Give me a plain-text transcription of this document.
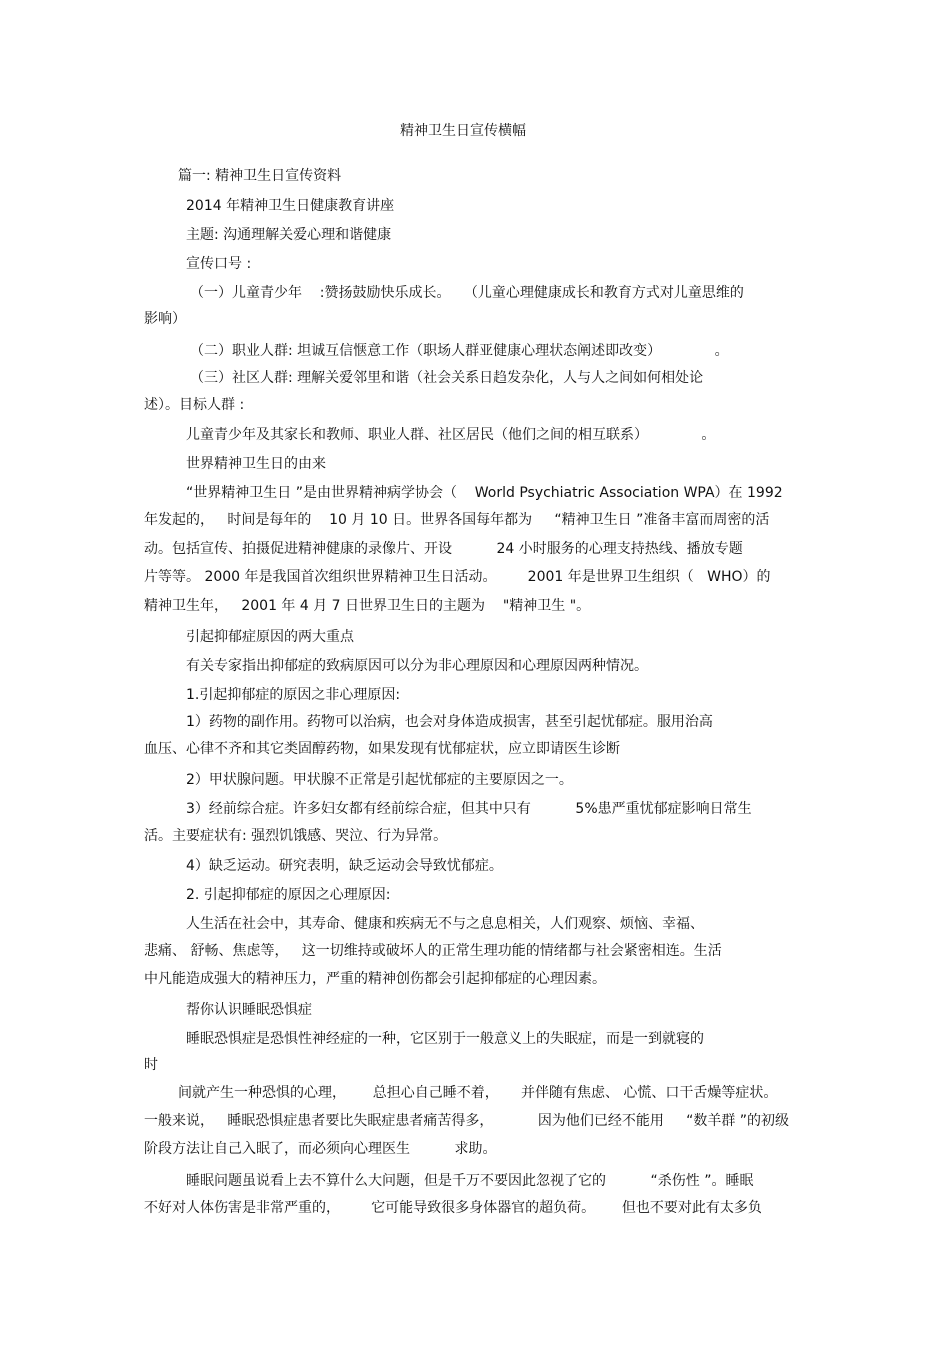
精神卫生日宣传横幅
篇一: 精神卫生日宣传资料
2014 年精神卫生日健康教育讲座
主题: 沟通理解关爱心理和谐健康
宣传口号 :
（一）儿童青少年    :赞扬鼓励快乐成长。   （儿童心理健康成长和教育方式对儿童思维的
影响）
（二）职业人群: 坦诚互信惬意工作（职场人群亚健康心理状态阐述即改变）            。
（三）社区人群: 理解关爱邻里和谐（社会关系日趋发杂化，人与人之间如何相处论
述）。目标人群 :
儿童青少年及其家长和教师、职业人群、社区居民（他们之间的相互联系）            。
世界精神卫生日的由来
“世界精神卫生日 ”是由世界精神病学协会（    World Psychiatric Association WPA）在 1992
年发起的，   时间是每年的    10 月 10 日。世界各国每年都为     “精神卫生日 ”准备丰富而周密的活
动。包括宣传、拍摄促进精神健康的录像片、开设          24 小时服务的心理支持热线、播放专题
片等等。 2000 年是我国首次组织世界精神卫生日活动。       2001 年是世界卫生组织（   WHO）的
精神卫生年，   2001 年 4 月 7 日世界卫生日的主题为    "精神卫生 "。
引起抑郁症原因的两大重点
有关专家指出抑郁症的致病原因可以分为非心理原因和心理原因两种情况。
1.引起抑郁症的原因之非心理原因:
1）药物的副作用。药物可以治病，也会对身体造成损害，甚至引起忧郁症。服用治高
血压、心律不齐和其它类固醇药物，如果发现有忧郁症状，应立即请医生诊断
2）甲状腺问题。甲状腺不正常是引起忧郁症的主要原因之一。
3）经前综合症。许多妇女都有经前综合症，但其中只有          5%患严重忧郁症影响日常生
活。主要症状有: 强烈饥饿感、哭泣、行为异常。
4）缺乏运动。研究表明，缺乏运动会导致忧郁症。
2. 引起抑郁症的原因之心理原因:
人生活在社会中，其寿命、健康和疾病无不与之息息相关，人们观察、烦恼、幸福、
悲痛、 舒畅、焦虑等，   这一切维持或破坏人的正常生理功能的情绪都与社会紧密相连。生活
中凡能造成强大的精神压力，严重的精神创伤都会引起抑郁症的心理因素。
帮你认识睡眠恐惧症
睡眠恐惧症是恐惧性神经症的一种，它区别于一般意义上的失眠症，而是一到就寝的
时
间就产生一种恐惧的心理，      总担心自己睡不着，     并伴随有焦虑、 心慌、口干舌燥等症状。
一般来说，   睡眠恐惧症患者要比失眠症患者痛苦得多，          因为他们已经不能用     “数羊群 ”的初级
阶段方法让自己入眠了，而必须向心理医生          求助。
睡眠问题虽说看上去不算什么大问题，但是千万不要因此忽视了它的          “杀伤性 ”。睡眠
不好对人体伤害是非常严重的，       它可能导致很多身体器官的超负荷。      但也不要对此有太多负
